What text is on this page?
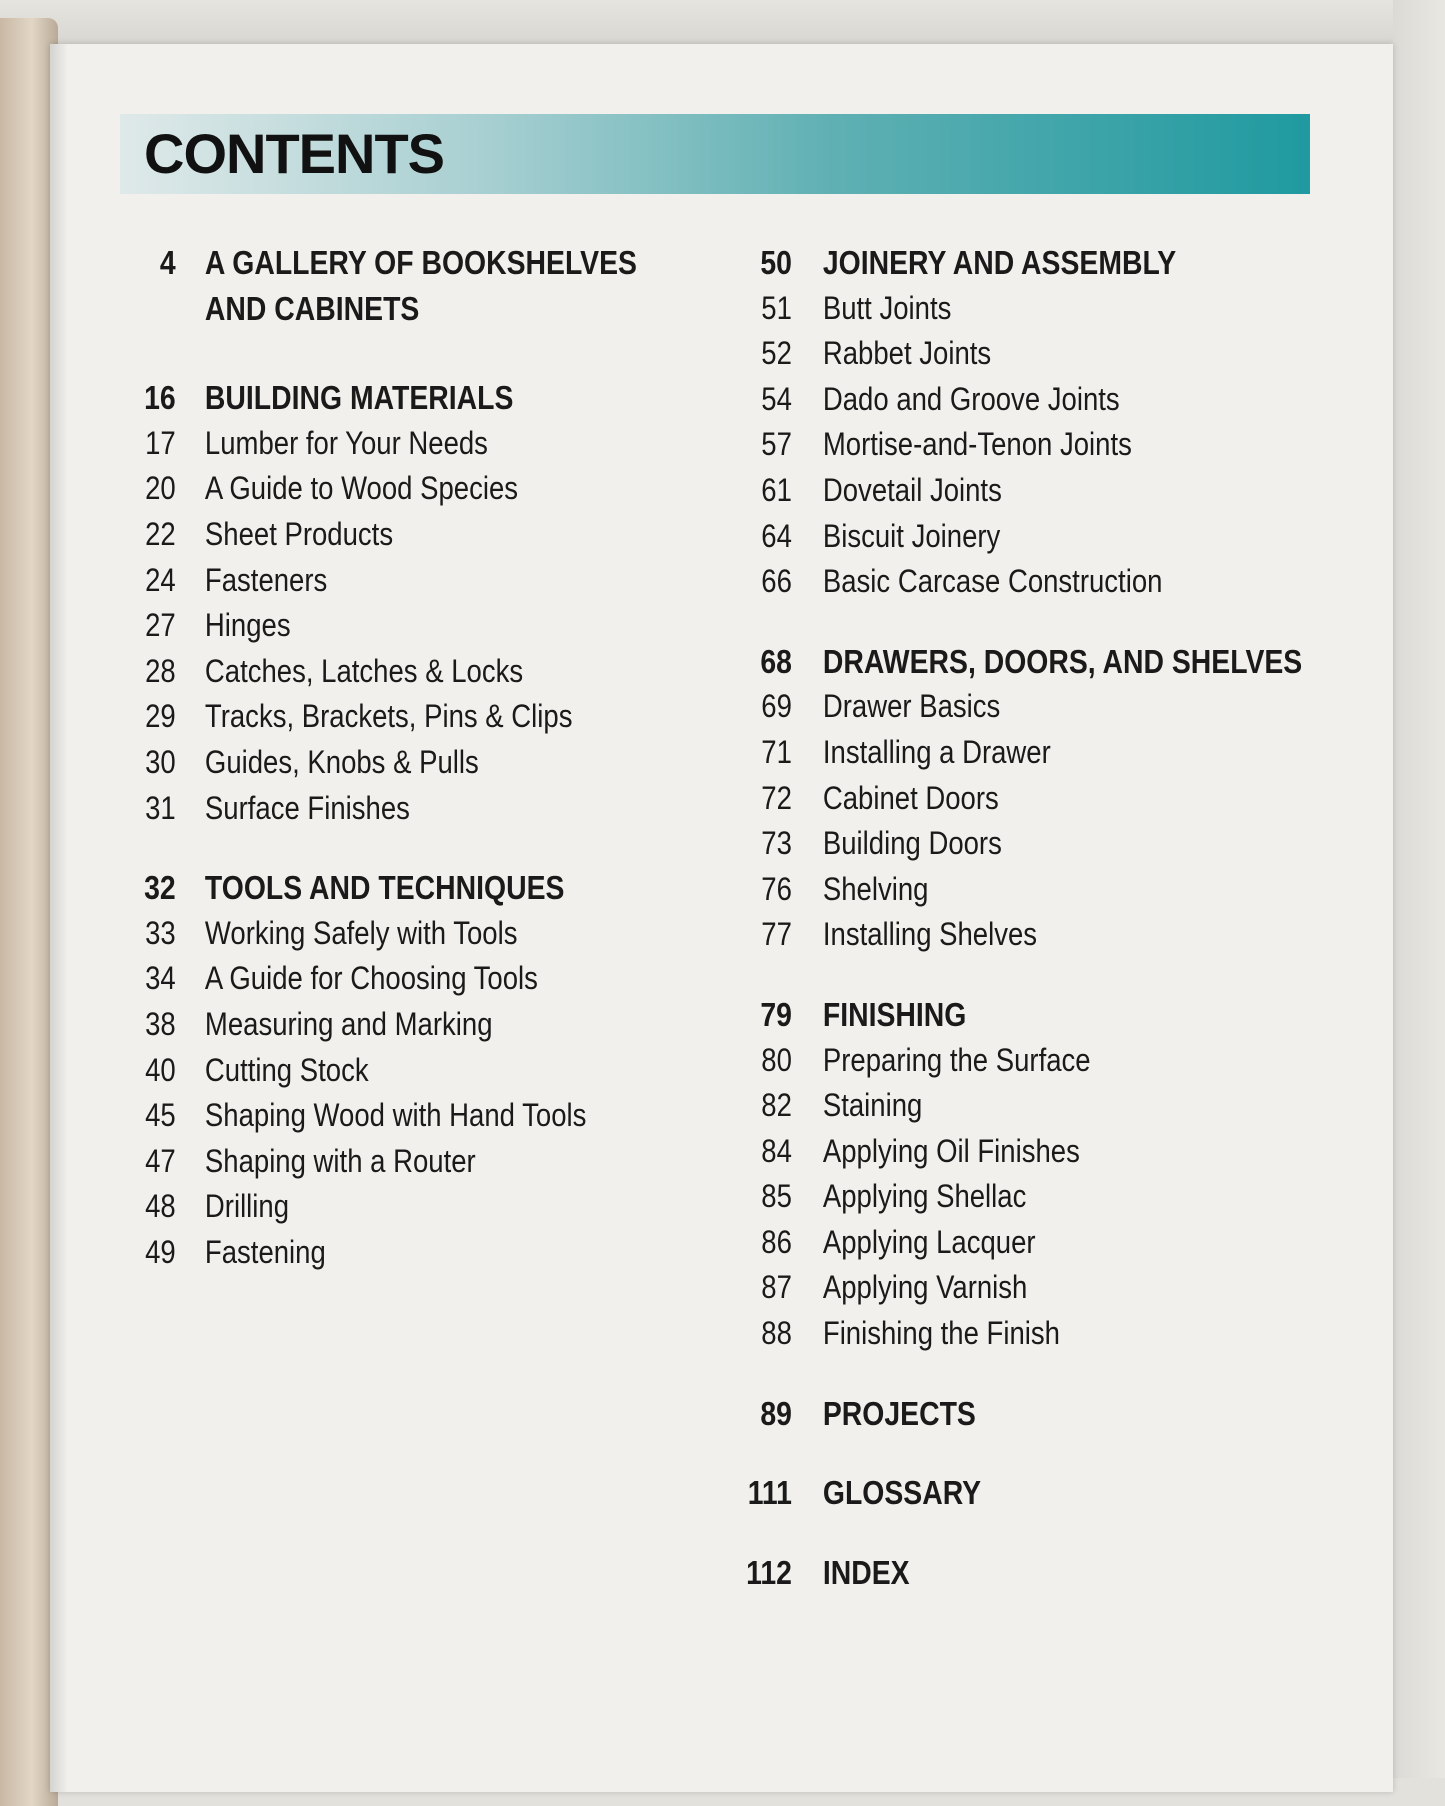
CONTENTS
4 A GALLERY OF BOOKSHELVES
AND CABINETS
16 BUILDING MATERIALS
17 Lumber for Your Needs
20 A Guide to Wood Species
22 Sheet Products
24 Fasteners
27 Hinges
28 Catches, Latches & Locks
29 Tracks, Brackets, Pins & Clips
30 Guides, Knobs & Pulls
31 Surface Finishes
32 TOOLS AND TECHNIQUES
33 Working Safely with Tools
34 A Guide for Choosing Tools
38 Measuring and Marking
40 Cutting Stock
45 Shaping Wood with Hand Tools
47 Shaping with a Router
48 Drilling
49 Fastening
50 JOINERY AND ASSEMBLY
51 Butt Joints
52 Rabbet Joints
54 Dado and Groove Joints
57 Mortise-and-Tenon Joints
61 Dovetail Joints
64 Biscuit Joinery
66 Basic Carcase Construction
68 DRAWERS, DOORS, AND SHELVES
69 Drawer Basics
71 Installing a Drawer
72 Cabinet Doors
73 Building Doors
76 Shelving
77 Installing Shelves
79 FINISHING
80 Preparing the Surface
82 Staining
84 Applying Oil Finishes
85 Applying Shellac
86 Applying Lacquer
87 Applying Varnish
88 Finishing the Finish
89 PROJECTS
111 GLOSSARY
112 INDEX
